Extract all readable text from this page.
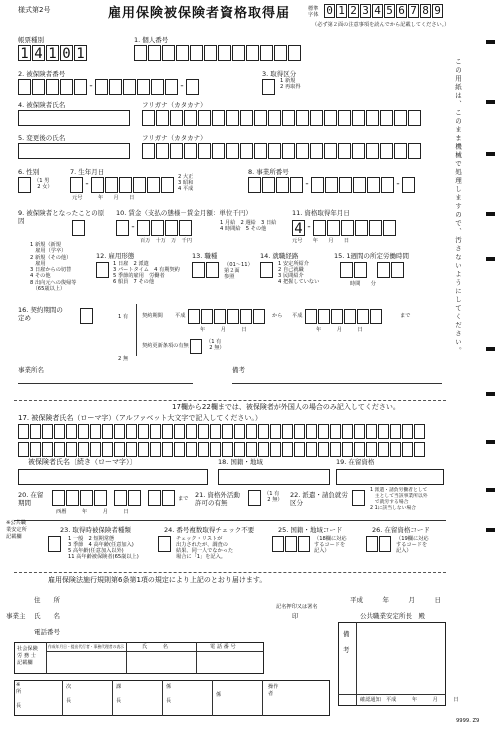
様式第2号	雇用保険被保険者資格取得届	標準字体 0 1 2 3 4 5 6 7 8 9
（必ず第２面の注意事項を読んでから記載してください。）
この用紙は、このまま機械で処理しますので、汚さないようにしてください。
帳票種別
1 4 1 0 1
1. 個人番号
2. 被保険者番号
-	-
3. 取得区分
1 新規
2 再取得
4. 被保険者氏名	フリガナ（カタカナ）
5. 変更後の氏名	フリガナ（カタカナ）
6. 性別
（1 男
2 女）
7. 生年月日
-
2 大正
3 昭和
4 平成
元号　　　年　　月　　日
8. 事業所番号
-	-
9. 被保険者となったことの原因
10. 賃金（支払の態様－賃金月額：単位千円）
-
百万　十万　万　千円
1 月給　2 週給　3 日給
4 時間給　5 その他
11. 資格取得年月日
4 -
元号　　年　　月　　日
1 新規（新規
　雇用（学卒）
2 新規（その他）
　雇用
3 日雇からの切替
4 その他
8 出向元への復帰等
　（65歳以上）
12. 雇用形態
1 日雇　2 派遣
3 パートタイム　4 有期契約
5 季節的雇用　労働者
6 船員　7 その他
13. 職種
（01〜11）
第２面
参照
14. 就職経路
1 安定所紹介
2 自己就職
3 民間紹介
4 把握していない
15. 1週間の所定労働時間
時間　　分
16. 契約期間の定め	1 有	契約期間 平成	から 平成	まで
年　　　月　　　日	年　　　月　　　日
契約更新条項の有無
（1 有
2 無）
2 無
事業所名	備考
17欄から22欄までは、被保険者が外国人の場合のみ記入してください。
17. 被保険者氏名（ローマ字）（アルファベット大文字で記入してください。）
被保険者氏名〔続き（ローマ字）〕	18. 国籍・地域	19. 在留資格
20. 在留期間
西暦　　　年　　　月　　　日
まで 21. 資格外活動許可の有無
（1 有
2 無）
22. 派遣・請負就労区分
1 派遣・請負労働者として
　主として当該事業所以外
　で就労する場合
2 1に該当しない場合
※公共職業安定所記載欄
23. 取得時被保険者種類
1 一般　2 短期常態
3 季節　4 高年齢(任意加入)
5 高年齢(任意加入以外)
11 高年齢被保険者(65歳以上)
24. 番号複数取得チェック不要
チェック・リストが
出力されたが、調査の
結果、同一人でなかった
場合に「1」を記入。
25. 国籍・地域コード
（18欄に対応
するコードを
記入）
26. 在留資格コード
（19欄に対応
するコードを
記入）
雇用保険法施行規則第6条第1項の規定により上記のとおり届けます。
住　　所	平成　　　年　　　月　　　日
事業主 氏　　名
記名押印又は署名
印	公共職業安定所長　殿
電話番号
社会保険
労 務 士
記載欄
作成年月日・提出代行者・事務代理者の表示	氏　　　名	電 話 番 号
備

考
確認通知　平成　　　年　　　月　　　日
※
所

長
次

長
課

長
係

長
係
操作者
9999. Z9
